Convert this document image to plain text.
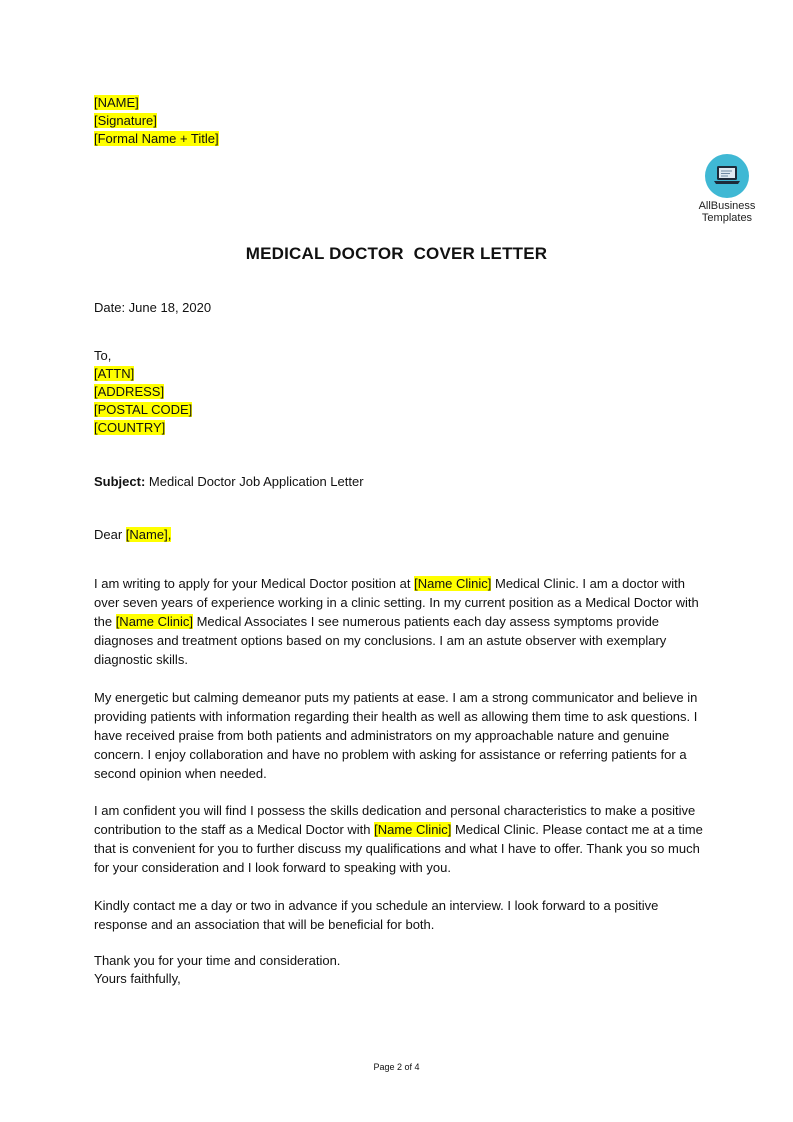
[NAME]
[Signature]
[Formal Name + Title]
AllBusiness
Templates
MEDICAL DOCTOR  COVER LETTER
Date: June 18, 2020
To,
[ATTN]
[ADDRESS]
[POSTAL CODE]
[COUNTRY]
Subject: Medical Doctor Job Application Letter
Dear [Name],

I am writing to apply for your Medical Doctor position at [Name Clinic] Medical Clinic. I am a doctor with over seven years of experience working in a clinic setting. In my current position as a Medical Doctor with the [Name Clinic] Medical Associates I see numerous patients each day assess symptoms provide diagnoses and treatment options based on my conclusions. I am an astute observer with exemplary diagnostic skills.

My energetic but calming demeanor puts my patients at ease. I am a strong communicator and believe in providing patients with information regarding their health as well as allowing them time to ask questions. I have received praise from both patients and administrators on my approachable nature and genuine concern. I enjoy collaboration and have no problem with asking for assistance or referring patients for a second opinion when needed.

I am confident you will find I possess the skills dedication and personal characteristics to make a positive contribution to the staff as a Medical Doctor with [Name Clinic] Medical Clinic. Please contact me at a time that is convenient for you to further discuss my qualifications and what I have to offer. Thank you so much for your consideration and I look forward to speaking with you.

Kindly contact me a day or two in advance if you schedule an interview. I look forward to a positive response and an association that will be beneficial for both.

Thank you for your time and consideration.
Yours faithfully,
Page 2 of 4
